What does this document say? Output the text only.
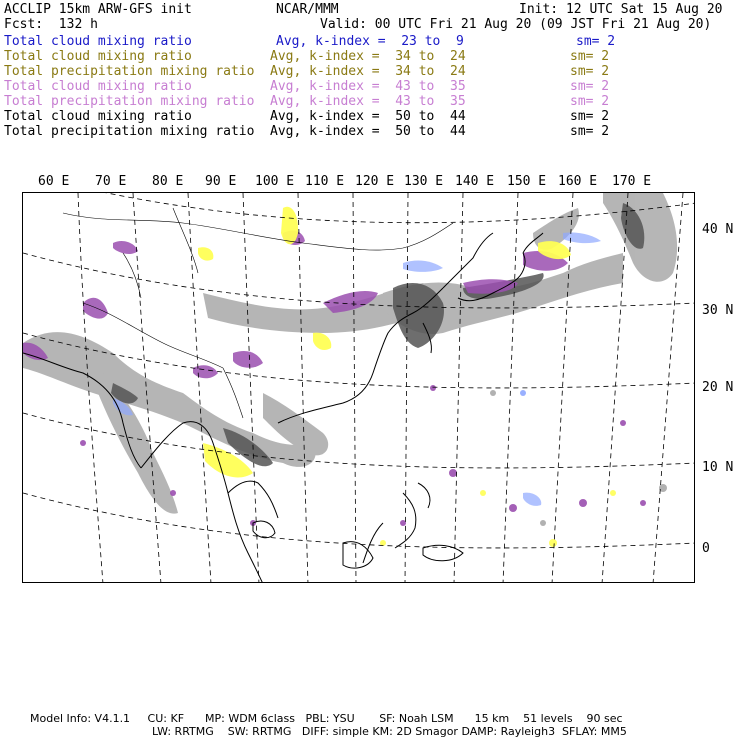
ACCLIP 15km ARW-GFS init	NCAR/MMM	Init: 12 UTC Sat 15 Aug 20
Fcst:  132 h	Valid: 00 UTC Fri 21 Aug 20 (09 JST Fri 21 Aug 20)
Total cloud mixing ratio	Avg, k-index =  23 to  9	sm= 2
Total cloud mixing ratio	Avg, k-index =  34 to  24	sm= 2
Total precipitation mixing ratio Avg, k-index =  34 to  24	sm= 2
Total cloud mixing ratio	Avg, k-index =  43 to  35	sm= 2
Total precipitation mixing ratio Avg, k-index =  43 to  35	sm= 2
Total cloud mixing ratio	Avg, k-index =  50 to  44	sm= 2
Total precipitation mixing ratio Avg, k-index =  50 to  44	sm= 2
60 E 70 E 80 E 90 E 100 E 110 E 120 E 130 E 140 E 150 E 160 E 170 E
40 N
30 N
20 N
10 N
0
Model Info: V4.1.1     CU: KF      MP: WDM 6class   PBL: YSU       SF: Noah LSM      15 km    51 levels    90 sec
LW: RRTMG    SW: RRTMG   DIFF: simple KM: 2D Smagor DAMP: Rayleigh3  SFLAY: MM5
